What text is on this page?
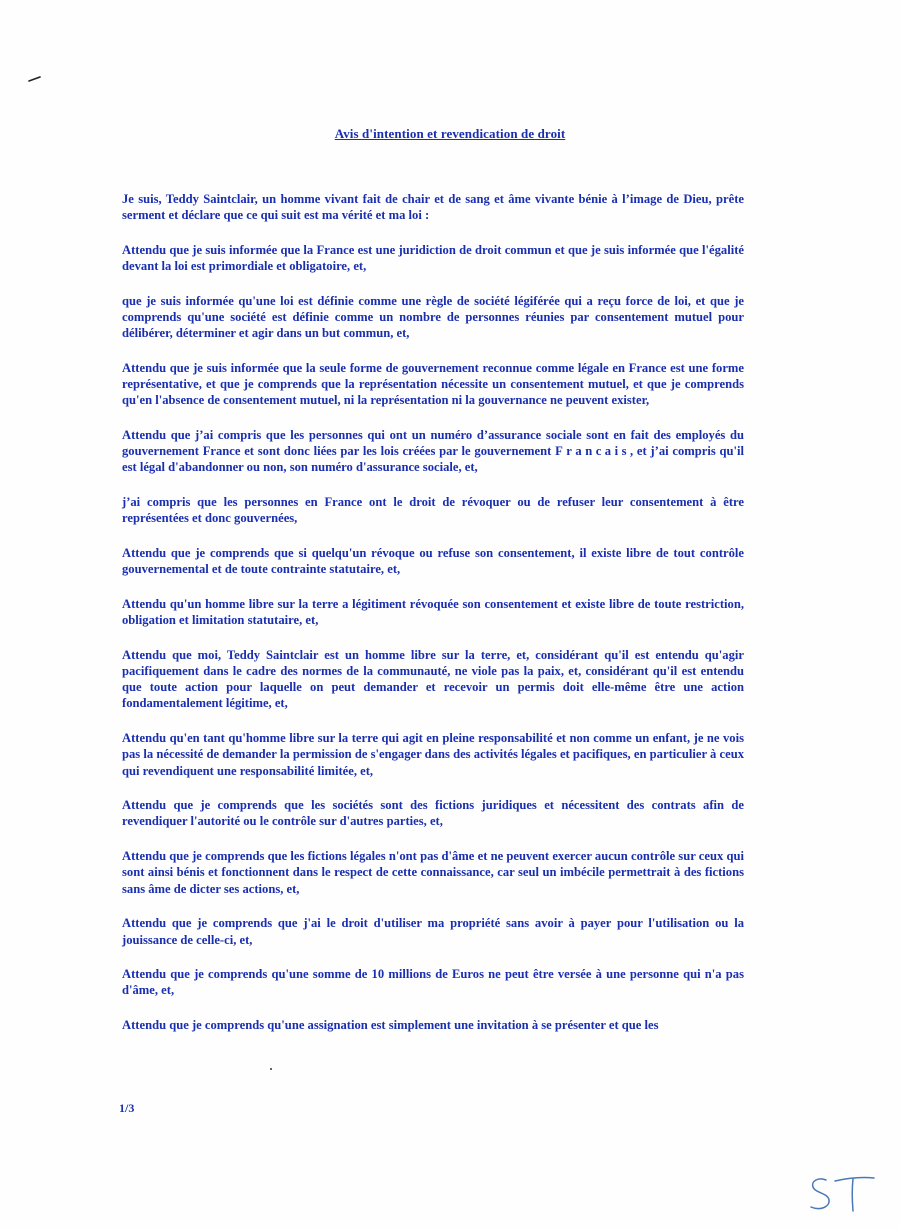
Avis d'intention et revendication de droit

Je suis, Teddy Saintclair, un homme vivant fait de chair et de sang et âme vivante bénie à l’image de Dieu, prête serment et déclare que ce qui suit est ma vérité et ma loi :

Attendu que je suis informée que la France est une juridiction de droit commun et que je suis informée que l'égalité devant la loi est primordiale et obligatoire, et,

que je suis informée qu'une loi est définie comme une règle de société légiférée qui a reçu force de loi, et que je comprends qu'une société est définie comme un nombre de personnes réunies par consentement mutuel pour délibérer, déterminer et agir dans un but commun, et,

Attendu que je suis informée que la seule forme de gouvernement reconnue comme légale en France est une forme représentative, et que je comprends que la représentation nécessite un consentement mutuel, et que je comprends qu'en l'absence de consentement mutuel, ni la représentation ni la gouvernance ne peuvent exister,

Attendu que j’ai compris que les personnes qui ont un numéro d’assurance sociale sont en fait des employés du gouvernement France et sont donc liées par les lois créées par le gouvernement Francais, et j’ai compris qu'il est légal d'abandonner ou non, son numéro d'assurance sociale, et,

j’ai compris que les personnes en France ont le droit de révoquer ou de refuser leur consentement à être représentées et donc gouvernées,

Attendu que je comprends que si quelqu'un révoque ou refuse son consentement, il existe libre de tout contrôle gouvernemental et de toute contrainte statutaire, et,

Attendu qu'un homme libre sur la terre a légitiment révoquée son consentement et existe libre de toute restriction, obligation et limitation statutaire, et,

Attendu que moi, Teddy Saintclair est un homme libre sur la terre, et, considérant qu'il est entendu qu'agir pacifiquement dans le cadre des normes de la communauté, ne viole pas la paix, et, considérant qu'il est entendu que toute action pour laquelle on peut demander et recevoir un permis doit elle-même être une action fondamentalement légitime, et,

Attendu qu'en tant qu'homme libre sur la terre qui agit en pleine responsabilité et non comme un enfant, je ne vois pas la nécessité de demander la permission de s'engager dans des activités légales et pacifiques, en particulier à ceux qui revendiquent une responsabilité limitée, et,

Attendu que je comprends que les sociétés sont des fictions juridiques et nécessitent des contrats afin de revendiquer l'autorité ou le contrôle sur d'autres parties, et,

Attendu que je comprends que les fictions légales n'ont pas d'âme et ne peuvent exercer aucun contrôle sur ceux qui sont ainsi bénis et fonctionnent dans le respect de cette connaissance, car seul un imbécile permettrait à des fictions sans âme de dicter ses actions, et,

Attendu que je comprends que j'ai le droit d'utiliser ma propriété sans avoir à payer pour l'utilisation ou la jouissance de celle-ci, et,

Attendu que je comprends qu'une somme de 10 millions de Euros ne peut être versée à une personne qui n'a pas d'âme, et,

Attendu que je comprends qu'une assignation est simplement une invitation à se présenter et que les

1/3
